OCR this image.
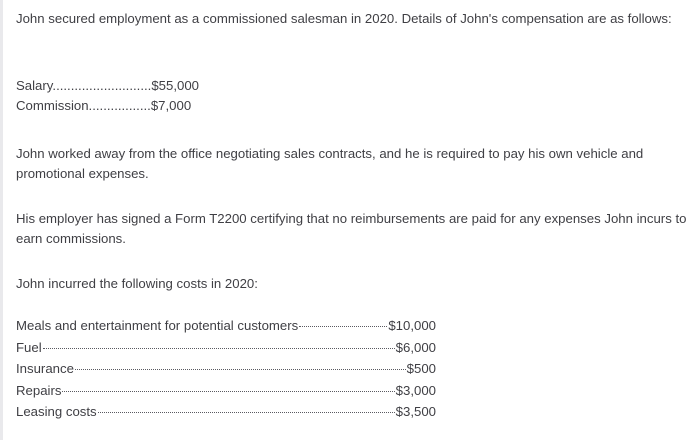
John secured employment as a commissioned salesman in 2020. Details of John's compensation are as follows:

Salary...........................$55,000
Commission.................$7,000

John worked away from the office negotiating sales contracts, and he is required to pay his own vehicle and promotional expenses.

His employer has signed a Form T2200 certifying that no reimbursements are paid for any expenses John incurs to earn commissions.

John incurred the following costs in 2020:

Meals and entertainment for potential customers	$10,000
Fuel	$6,000
Insurance	$500
Repairs	$3,000
Leasing costs	$3,500
